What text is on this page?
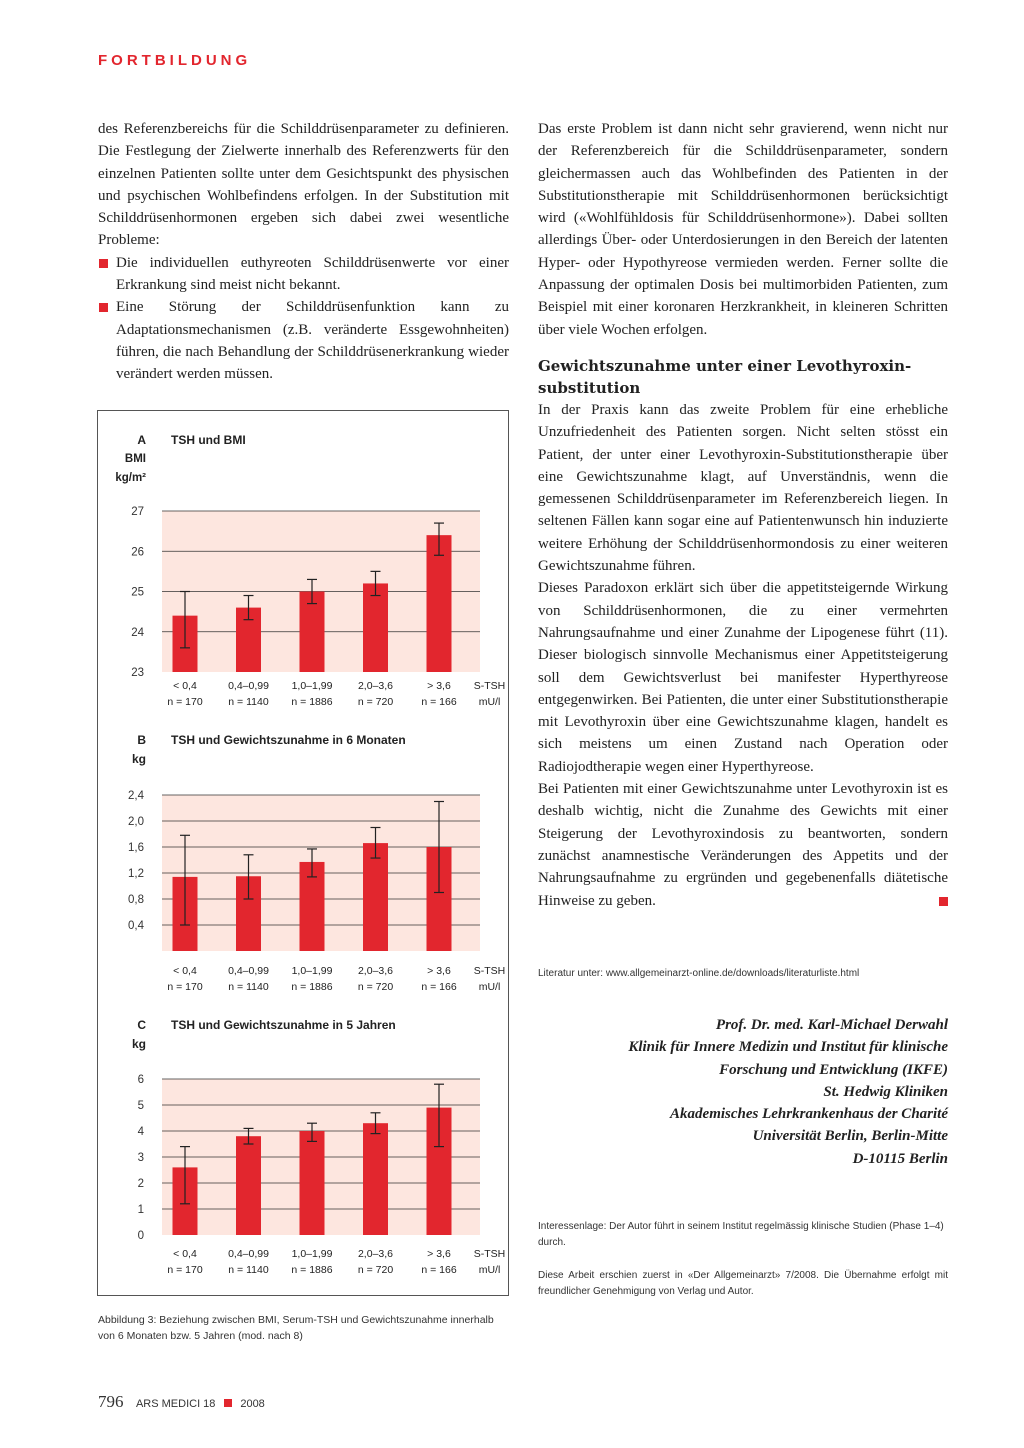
FORTBILDUNG

des Referenzbereichs für die Schilddrüsenparameter zu definieren. Die Festlegung der Zielwerte innerhalb des Referenzwerts für den einzelnen Patienten sollte unter dem Gesichtspunkt des physischen und psychischen Wohlbefindens erfolgen. In der Substitution mit Schilddrüsenhormonen ergeben sich dabei zwei wesentliche Probleme:

Die individuellen euthyreoten Schilddrüsenwerte vor einer Erkrankung sind meist nicht bekannt.

Eine Störung der Schilddrüsenfunktion kann zu Adaptationsmechanismen (z.B. veränderte Essgewohnheiten) führen, die nach Behandlung der Schilddrüsenerkrankung wieder verändert werden müssen.

A
BMI kg/m²
TSH und BMI
23
24
25
26
27
< 0,4
n = 170
0,4–0,99
n = 1140
1,0–1,99
n = 1886
2,0–3,6
n = 720
> 3,6
n = 166
S-TSH
mU/l
B
kg
TSH und Gewichtszunahme in 6 Monaten
0,4
0,8
1,2
1,6
2,0
2,4
< 0,4
n = 170
0,4–0,99
n = 1140
1,0–1,99
n = 1886
2,0–3,6
n = 720
> 3,6
n = 166
S-TSH
mU/l
C
kg
TSH und Gewichtszunahme in 5 Jahren
0
1
2
3
4
5
6
< 0,4
n = 170
0,4–0,99
n = 1140
1,0–1,99
n = 1886
2,0–3,6
n = 720
> 3,6
n = 166
S-TSH
mU/l
Abbildung 3: Beziehung zwischen BMI, Serum-TSH und Gewichtszunahme innerhalb von 6 Monaten bzw. 5 Jahren (mod. nach 8)

Das erste Problem ist dann nicht sehr gravierend, wenn nicht nur der Referenzbereich für die Schilddrüsenparameter, sondern gleichermassen auch das Wohlbefinden des Patienten in der Substitutionstherapie mit Schilddrüsenhormonen berücksichtigt wird («Wohlfühldosis für Schilddrüsenhormone»). Dabei sollten allerdings Über- oder Unterdosierungen in den Bereich der latenten Hyper- oder Hypothyreose vermieden werden. Ferner sollte die Anpassung der optimalen Dosis bei multimorbiden Patienten, zum Beispiel mit einer koronaren Herzkrankheit, in kleineren Schritten über viele Wochen erfolgen.

Gewichtszunahme unter einer Levothyroxin-substitution

In der Praxis kann das zweite Problem für eine erhebliche Unzufriedenheit des Patienten sorgen. Nicht selten stösst ein Patient, der unter einer Levothyroxin-Substitutionstherapie über eine Gewichtszunahme klagt, auf Unverständnis, wenn die gemessenen Schilddrüsenparameter im Referenzbereich liegen. In seltenen Fällen kann sogar eine auf Patientenwunsch hin induzierte weitere Erhöhung der Schilddrüsenhormondosis zu einer weiteren Gewichtszunahme führen.

Dieses Paradoxon erklärt sich über die appetitsteigernde Wirkung von Schilddrüsenhormonen, die zu einer vermehrten Nahrungsaufnahme und einer Zunahme der Lipogenese führt (11). Dieser biologisch sinnvolle Mechanismus einer Appetitsteigerung soll dem Gewichtsverlust bei manifester Hyperthyreose entgegenwirken. Bei Patienten, die unter einer Substitutionstherapie mit Levothyroxin über eine Gewichtszunahme klagen, handelt es sich meistens um einen Zustand nach Operation oder Radiojodtherapie wegen einer Hyperthyreose.

Bei Patienten mit einer Gewichtszunahme unter Levothyroxin ist es deshalb wichtig, nicht die Zunahme des Gewichts mit einer Steigerung der Levothyroxindosis zu beantworten, sondern zunächst anamnestische Veränderungen des Appetits und der Nahrungsaufnahme zu ergründen und gegebenenfalls diätetische Hinweise zu geben.

Literatur unter: www.allgemeinarzt-online.de/downloads/literaturliste.html
Prof. Dr. med. Karl-Michael Derwahl
Klinik für Innere Medizin und Institut für klinische
Forschung und Entwicklung (IKFE)
St. Hedwig Kliniken
Akademisches Lehrkrankenhaus der Charité
Universität Berlin, Berlin-Mitte
D-10115 Berlin
Interessenlage: Der Autor führt in seinem Institut regelmässig klinische Studien (Phase 1–4) durch.
Diese Arbeit erschien zuerst in «Der Allgemeinarzt» 7/2008. Die Übernahme erfolgt mit freundlicher Genehmigung von Verlag und Autor.
796 ARS MEDICI 18 2008
